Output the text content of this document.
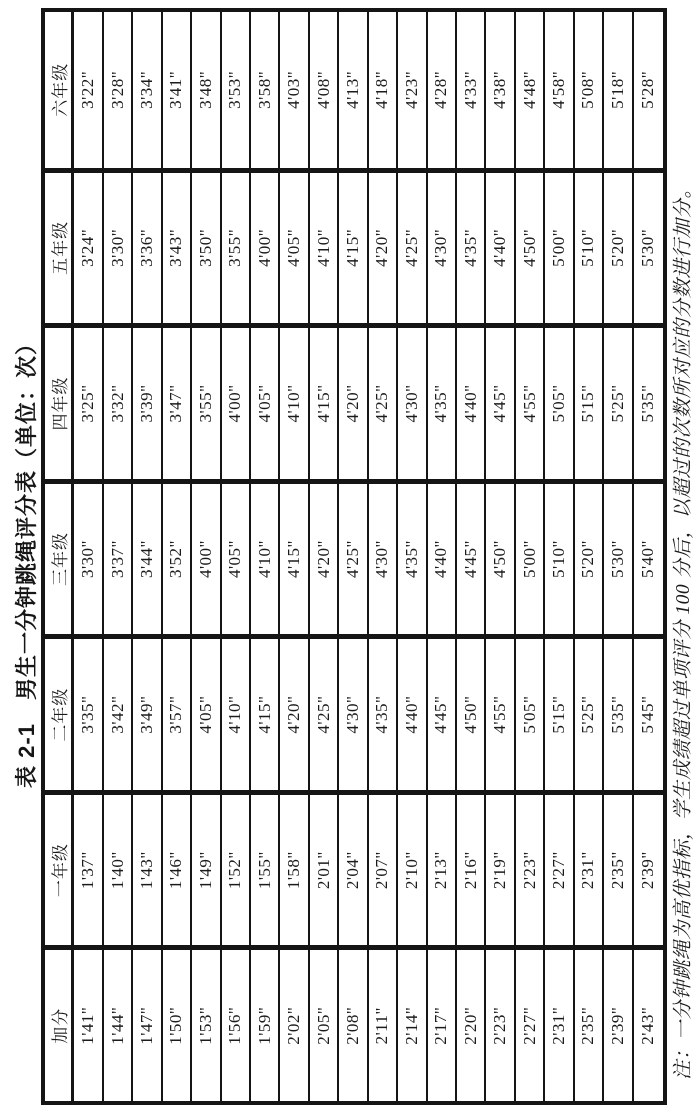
表 2-1　男生一分钟跳绳评分表（单位：次）
加分
一年级
二年级
三年级
四年级
五年级
六年级
1'41"
1'37"
3'35"
3'30"
3'25"
3'24"
3'22"
1'44"
1'40"
3'42"
3'37"
3'32"
3'30"
3'28"
1'47"
1'43"
3'49"
3'44"
3'39"
3'36"
3'34"
1'50"
1'46"
3'57"
3'52"
3'47"
3'43"
3'41"
1'53"
1'49"
4'05"
4'00"
3'55"
3'50"
3'48"
1'56"
1'52"
4'10"
4'05"
4'00"
3'55"
3'53"
1'59"
1'55"
4'15"
4'10"
4'05"
4'00"
3'58"
2'02"
1'58"
4'20"
4'15"
4'10"
4'05"
4'03"
2'05"
2'01"
4'25"
4'20"
4'15"
4'10"
4'08"
2'08"
2'04"
4'30"
4'25"
4'20"
4'15"
4'13"
2'11"
2'07"
4'35"
4'30"
4'25"
4'20"
4'18"
2'14"
2'10"
4'40"
4'35"
4'30"
4'25"
4'23"
2'17"
2'13"
4'45"
4'40"
4'35"
4'30"
4'28"
2'20"
2'16"
4'50"
4'45"
4'40"
4'35"
4'33"
2'23"
2'19"
4'55"
4'50"
4'45"
4'40"
4'38"
2'27"
2'23"
5'05"
5'00"
4'55"
4'50"
4'48"
2'31"
2'27"
5'15"
5'10"
5'05"
5'00"
4'58"
2'35"
2'31"
5'25"
5'20"
5'15"
5'10"
5'08"
2'39"
2'35"
5'35"
5'30"
5'25"
5'20"
5'18"
2'43"
2'39"
5'45"
5'40"
5'35"
5'30"
5'28"
注：一分钟跳绳为高优指标，学生成绩超过单项评分 100 分后，以超过的次数所对应的分数进行加分。
